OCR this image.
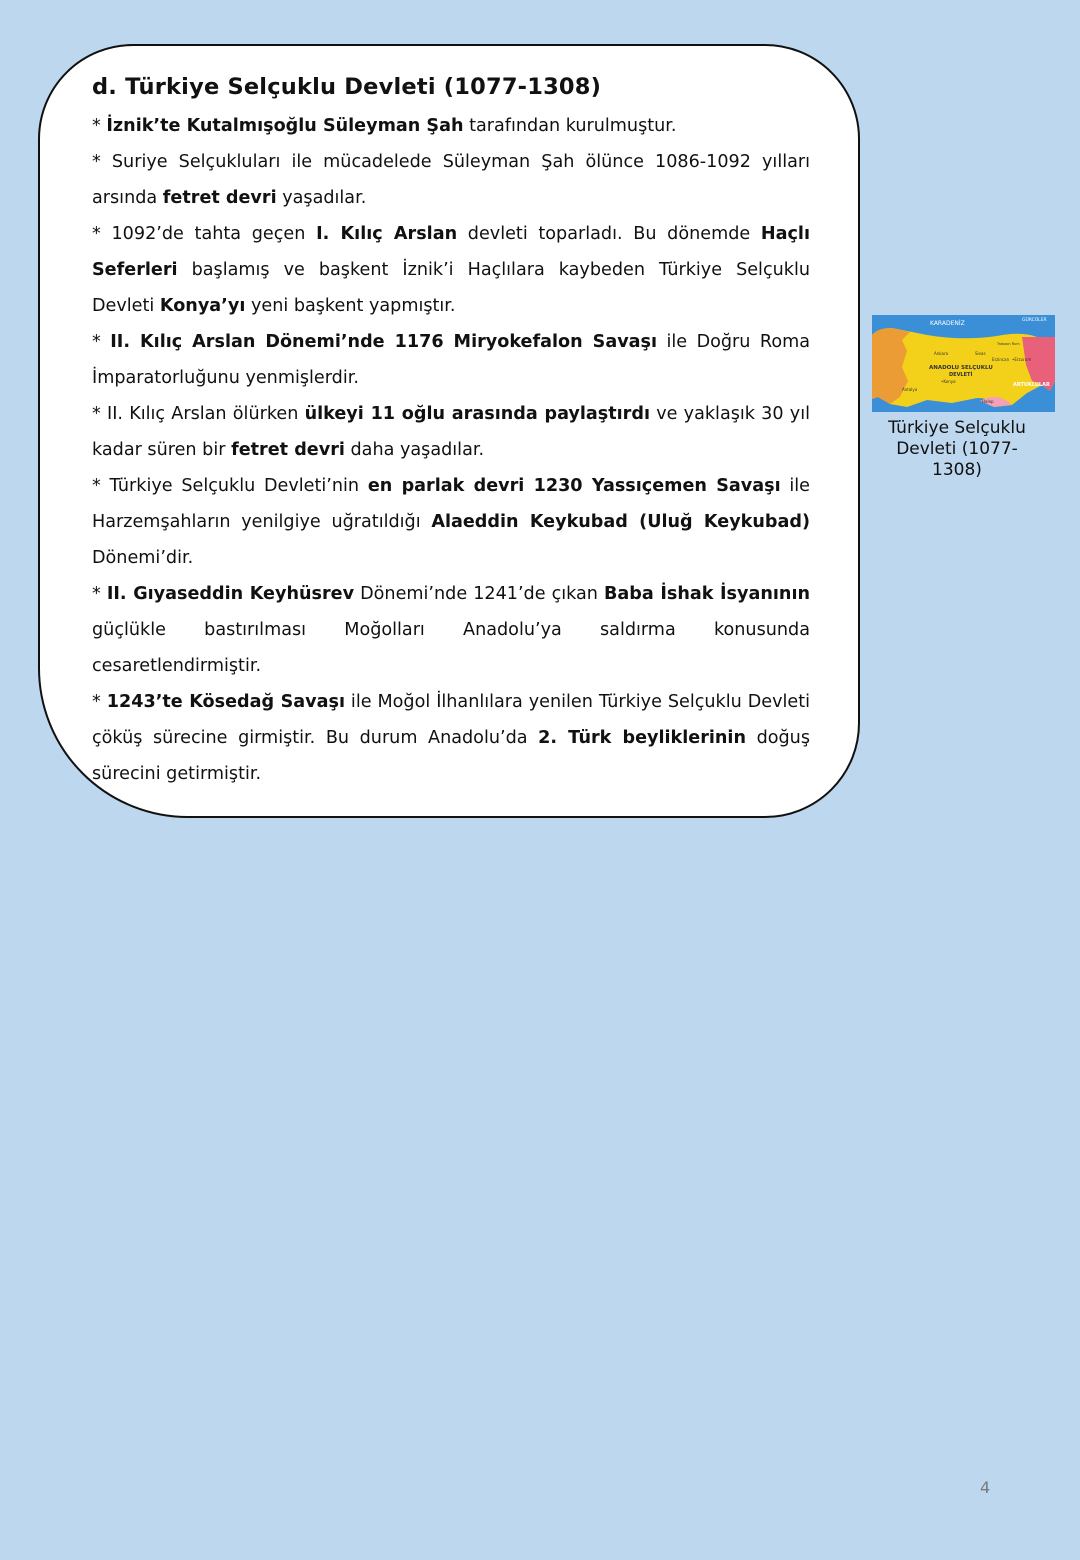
d. Türkiye Selçuklu Devleti (1077-1308)

* İznik’te Kutalmışoğlu Süleyman Şah tarafından kurulmuştur.

* Suriye Selçukluları ile mücadelede Süleyman Şah ölünce 1086-1092 yılları arsında fetret devri yaşadılar.

* 1092’de tahta geçen I. Kılıç Arslan devleti toparladı. Bu dönemde Haçlı Seferleri başlamış ve başkent İznik’i Haçlılara kaybeden Türkiye Selçuklu Devleti Konya’yı yeni başkent yapmıştır.

* II. Kılıç Arslan Dönemi’nde 1176 Miryokefalon Savaşı ile Doğru Roma İmparatorluğunu yenmişlerdir.

* II. Kılıç Arslan ölürken ülkeyi 11 oğlu arasında paylaştırdı ve yaklaşık 30 yıl kadar süren bir fetret devri daha yaşadılar.

* Türkiye Selçuklu Devleti’nin en parlak devri 1230 Yassıçemen Savaşı ile Harzemşahların yenilgiye uğratıldığı Alaeddin Keykubad (Uluğ Keykubad) Dönemi’dir.

* II. Gıyaseddin Keyhüsrev Dönemi’nde 1241’de çıkan Baba İshak İsyanının güçlükle bastırılması Moğolları Anadolu’ya saldırma konusunda cesaretlendirmiştir.

* 1243’te Kösedağ Savaşı ile Moğol İlhanlılara yenilen Türkiye Selçuklu Devleti çöküş sürecine girmiştir. Bu durum Anadolu’da 2. Türk beyliklerinin doğuş sürecini getirmiştir.

KARADENİZ	GÜRCÜLER
Trabzon Rum
Ankara	Sivas
Erzincan •Erzurum
ANADOLU SELÇUKLU
DEVLETİ
•Konya
ARTUKLULAR
Antalya
Halep
Türkiye Selçuklu Devleti (1077-1308)
4
